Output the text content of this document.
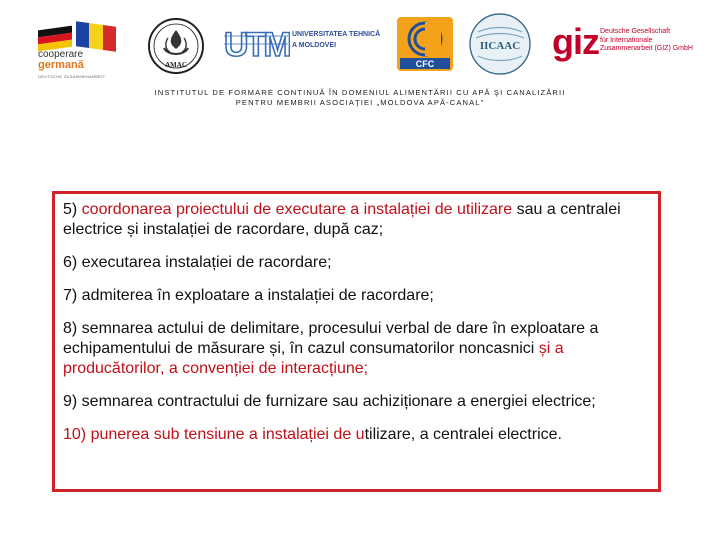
cooperare
germană
DEUTSCHE ZUSAMMENARBEIT
AMAC
UTM UNIVERSITATEA TEHNICĂ
A MOLDOVEI
CFC
IICAAC giz Deutsche Gesellschaft
für Internationale
Zusammenarbeit (GIZ) GmbH
INSTITUTUL DE FORMARE CONTINUĂ ÎN DOMENIUL ALIMENTĂRII CU APĂ ŞI CANALIZĂRII
PENTRU MEMBRII ASOCIAŢIEI „MOLDOVA APĂ-CANAL”

5) coordonarea proiectului de executare a instalației de utilizare sau a centralei electrice și instalației de racordare, după caz;

6) executarea instalației de racordare;

7) admiterea în exploatare a instalației de racordare;

8) semnarea actului de delimitare, procesului verbal de dare în exploatare a echipamentului de măsurare și, în cazul consumatorilor noncasnici și a producătorilor, a convenției de interacțiune;

9) semnarea contractului de furnizare sau achiziționare a energiei electrice;

10) punerea sub tensiune a instalației de utilizare, a centralei electrice.
